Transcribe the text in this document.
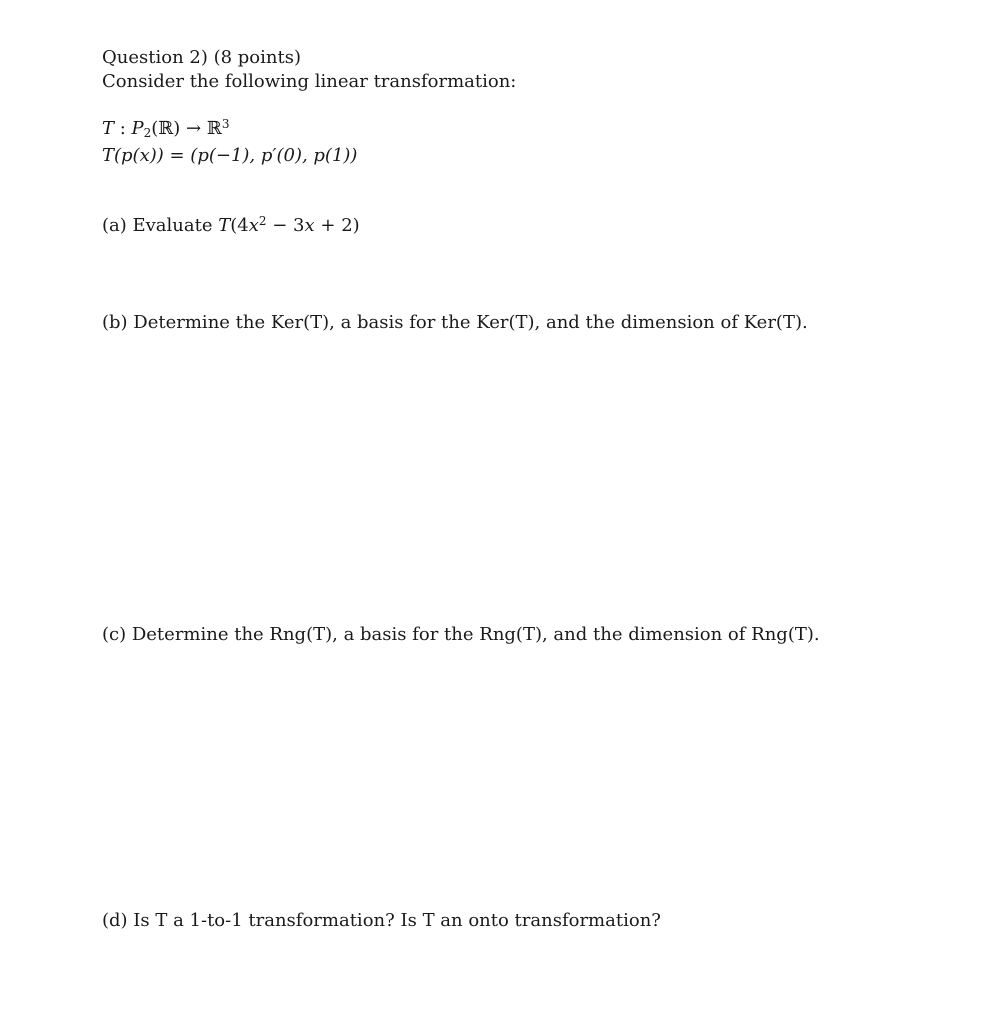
Question 2) (8 points)
Consider the following linear transformation:
T : $P_2(ℝ)$ → ℝ$^3$
T(p(x)) = (p(−1), p′(0), p(1))
(a) Evaluate $T(4x^2 - 3x + 2)$
(b) Determine the Ker(T), a basis for the Ker(T), and the dimension of Ker(T).
(c) Determine the Rng(T), a basis for the Rng(T), and the dimension of Rng(T).
(d) Is T a 1-to-1 transformation? Is T an onto transformation?
